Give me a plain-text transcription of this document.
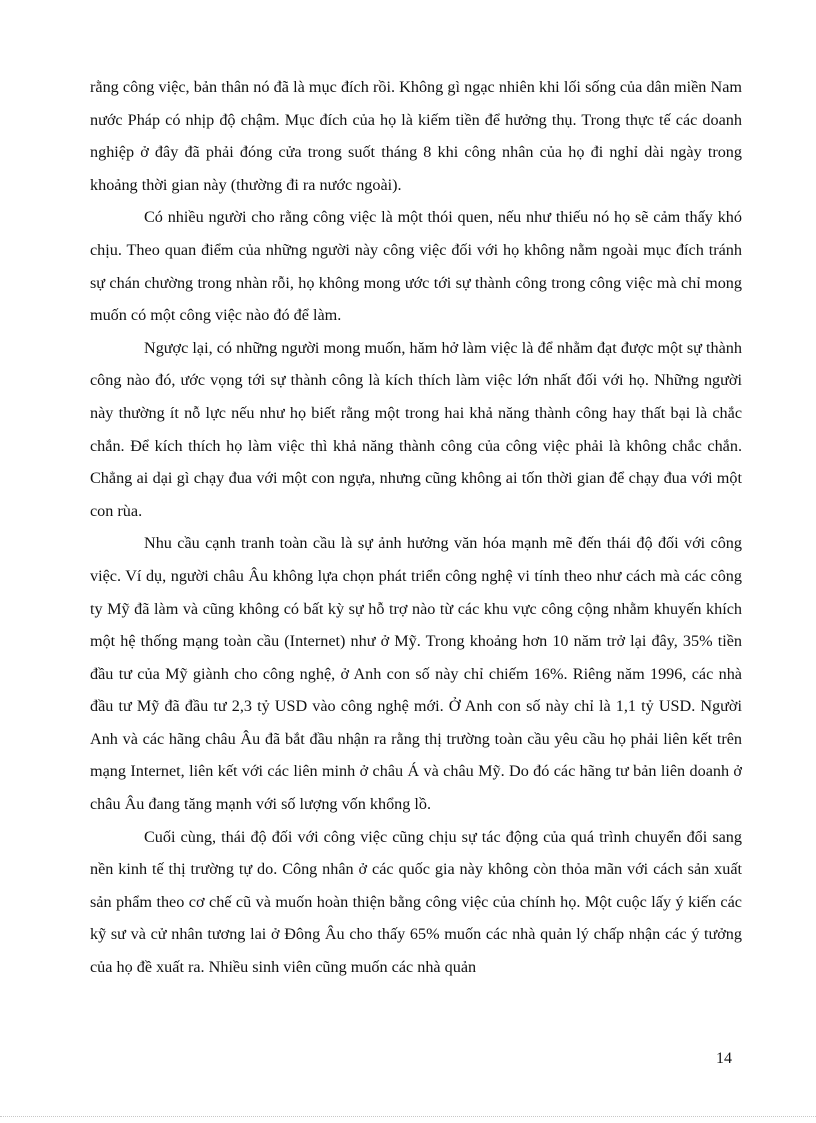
rằng công việc, bản thân nó đã là mục đích rồi. Không gì ngạc nhiên khi lối sống của dân miền Nam nước Pháp có nhịp độ chậm. Mục đích của họ là kiếm tiền để hưởng thụ. Trong thực tế các doanh nghiệp ở đây đã phải đóng cửa trong suốt tháng 8 khi công nhân của họ đi nghỉ dài ngày trong khoảng thời gian này (thường đi ra nước ngoài).

Có nhiều người cho rằng công việc là một thói quen, nếu như thiếu nó họ sẽ cảm thấy khó chịu. Theo quan điểm của những người này công việc đối với họ không nằm ngoài mục đích tránh sự chán chường trong nhàn rỗi, họ không mong ước tới sự thành công trong công việc mà chỉ mong muốn có một công việc nào đó để làm.

Ngược lại, có những người mong muốn, hăm hở làm việc là để nhằm đạt được một sự thành công nào đó, ước vọng tới sự thành công là kích thích làm việc lớn nhất đối với họ. Những người này thường ít nỗ lực nếu như họ biết rằng một trong hai khả năng thành công hay thất bại là chắc chắn. Để kích thích họ làm việc thì khả năng thành công của công việc phải là không chắc chắn. Chẳng ai dại gì chạy đua với một con ngựa, nhưng cũng không ai tốn thời gian để chạy đua với một con rùa.

Nhu cầu cạnh tranh toàn cầu là sự ảnh hưởng văn hóa mạnh mẽ đến thái độ đối với công việc. Ví dụ, người châu Âu không lựa chọn phát triển công nghệ vi tính theo như cách mà các công ty Mỹ đã làm và cũng không có bất kỳ sự hỗ trợ nào từ các khu vực công cộng nhằm khuyến khích một hệ thống mạng toàn cầu (Internet) như ở Mỹ. Trong khoảng hơn 10 năm trở lại đây, 35% tiền đầu tư của Mỹ giành cho công nghệ, ở Anh con số này chỉ chiếm 16%. Riêng năm 1996, các nhà đầu tư Mỹ đã đầu tư 2,3 tỷ USD vào công nghệ mới. Ở Anh con số này chỉ là 1,1 tỷ USD. Người Anh và các hãng châu Âu đã bắt đầu nhận ra rằng thị trường toàn cầu yêu cầu họ phải liên kết trên mạng Internet, liên kết với các liên minh ở châu Á và châu Mỹ. Do đó các hãng tư bản liên doanh ở châu Âu đang tăng mạnh với số lượng vốn khổng lồ.

Cuối cùng, thái độ đối với công việc cũng chịu sự tác động của quá trình chuyển đổi sang nền kinh tế thị trường tự do. Công nhân ở các quốc gia này không còn thỏa mãn với cách sản xuất sản phẩm theo cơ chế cũ và muốn hoàn thiện bằng công việc của chính họ. Một cuộc lấy ý kiến các kỹ sư và cử nhân tương lai ở Đông Âu cho thấy 65% muốn các nhà quản lý chấp nhận các ý tưởng của họ đề xuất ra. Nhiều sinh viên cũng muốn các nhà quản

14
